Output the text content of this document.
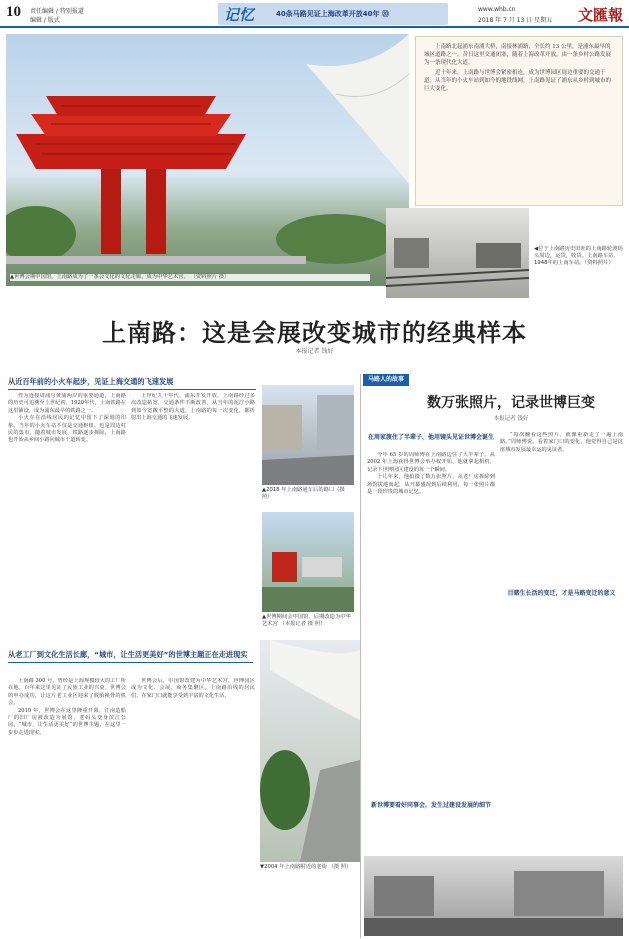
10 责任编辑 / 特别报道
编辑 / 版式	记忆	40条马路见证上海改革开放40年 ⑳
www.whb.cn
2018 年 7 月 13 日 星期五 文匯報
▲世博会期中国馆，上南路成为了一条会文化的文化走廊，成为中华艺术宫。 （资料照片 摄）

上南路北起浦东南浦大桥，南接林浦路，全长约 13 公里，是浦东最早的城区道路之一。昔日这里交通闭塞，随着上海改革开放，由一条乡村公路发展为一条现代化大道。

近十年来，上南路与世博会紧密相连，成为世博园区周边重要的交通干道。从当年的小火车站到如今的地铁线网，上南路见证了浦东从乡村到城市的巨大变化。

◀位于上南路历史旧址的上南路轮渡码头周边，运货，收货。上南路车站、1948年的上南车站。（资料照片）
上南路：这是会展改变城市的经典样本
本报记者 钱好
从近百年前的小火车起步，见证上海交通的飞速发展

作为连接周浦与黄浦两岸的重要通道，上南路的历史可追溯至上世纪初。1920年代，上南铁路在这里铺设，成为浦东最早的铁路之一。

小火车在沿线居民的记忆中留下了深刻的印象。当年的小火车站不仅是交通枢纽，也是周边村民的集市。随着城市发展，铁路逐步拆除，上南路也开始从乡间小路向城市干道转变。

上世纪九十年代，浦东开发开放，上南路经过多次改造拓宽，交通条件不断改善。从当年的泥泞小路到如今宽敞平整的大道，上南路的每一次变化，都折射出上海交通的飞速发展。

▲2018 年上南路通车后的路口（摄 照）
▲世博期间会中国馆、后期改造为中华艺术宫 （本报记者 摄 照）
马路人的故事
数万张照片，记录世博巨变
本报记者 钱好
在周家渡住了半辈子，他用镜头见证世博会诞生

今年 65 岁的周师傅在上南路边住了大半辈子。从 2002 年上海获得世博会举办权开始，他就拿起相机，记录下世博园区建设的每一个瞬间。

十几年来，他拍摄了数万张照片，从老厂房拆除到场馆拔地而起，从开幕盛况到后续利用，每一张照片都是一段珍贵的城市记忆。

新世博要看好同事会，发生过建设发展的细节

“每次翻看这些照片，就像重新走了一遍上南路。”周师傅说，看着家门口的变化，他觉得自己是这座城市发展最幸运的见证者。

目睹生长活的变迁，才是马路变迁的意义
从老工厂到文化生活长廊，“城市，让生活更美好”的世博主题正在走进现实

上南路 300 号，曾经是上海规模较大的工厂所在地。百年来这里见证了民族工业的兴衰。世博会的申办成功，让这片老工业区迎来了脱胎换骨的机会。

2010 年，世博会在这里隆重开幕。江南造船厂的旧厂房被改造为展馆，老码头变身滨江公园。“城市，让生活更美好”的世博主题，在这里一步步走进现实。

世博会后，中国馆改建为中华艺术宫，世博园区成为文化、会展、商务集聚区。上南路沿线的居民们，在家门口就能享受到丰富的文化生活。

▼2004 年上南路附近的老街 （摄 照）
